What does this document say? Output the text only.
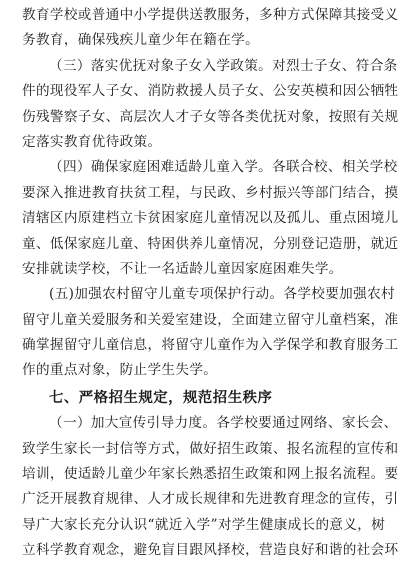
教育学校或普通中小学提供送教服务，多种方式保障其接受义
务教育，确保残疾儿童少年在籍在学。
（三）落实优抚对象子女入学政策。对烈士子女、符合条
件的现役军人子女、消防救援人员子女、公安英模和因公牺牲
伤残警察子女、高层次人才子女等各类优抚对象，按照有关规
定落实教育优待政策。
（四）确保家庭困难适龄儿童入学。各联合校、相关学校
要深入推进教育扶贫工程，与民政、乡村振兴等部门结合，摸
清辖区内原建档立卡贫困家庭儿童情况以及孤儿、重点困境儿
童、低保家庭儿童、特困供养儿童情况，分别登记造册，就近
安排就读学校，不让一名适龄儿童因家庭困难失学。
(五)加强农村留守儿童专项保护行动。各学校要加强农村
留守儿童关爱服务和关爱室建设，全面建立留守儿童档案，准
确掌握留守儿童信息，将留守儿童作为入学保学和教育服务工
作的重点对象，防止学生失学。
七、严格招生规定，规范招生秩序
（一）加大宣传引导力度。各学校要通过网络、家长会、
致学生家长一封信等方式，做好招生政策、报名流程的宣传和
培训，使适龄儿童少年家长熟悉招生政策和网上报名流程。要
广泛开展教育规律、人才成长规律和先进教育理念的宣传，引
导广大家长充分认识“就近入学”对学生健康成长的意义，树
立科学教育观念，避免盲目跟风择校，营造良好和谐的社会环
